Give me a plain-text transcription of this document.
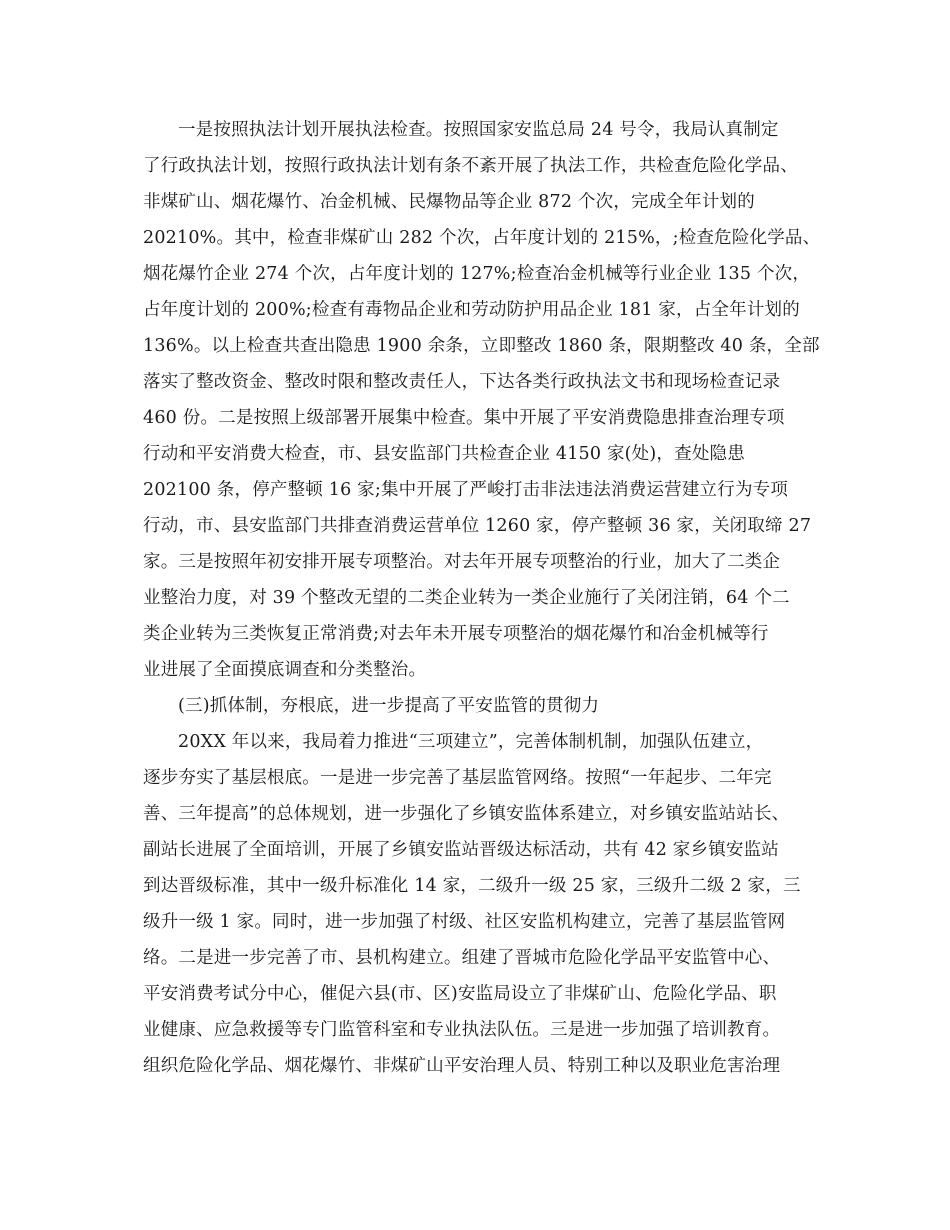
一是按照执法计划开展执法检查。按照国家安监总局 24 号令，我局认真制定
了行政执法计划，按照行政执法计划有条不紊开展了执法工作，共检查危险化学品、
非煤矿山、烟花爆竹、冶金机械、民爆物品等企业 872 个次，完成全年计划的
20210%。其中，检查非煤矿山 282 个次，占年度计划的 215%，;检查危险化学品、
烟花爆竹企业 274 个次，占年度计划的 127%;检查冶金机械等行业企业 135 个次，
占年度计划的 200%;检查有毒物品企业和劳动防护用品企业 181 家，占全年计划的
136%。以上检查共查出隐患 1900 余条，立即整改 1860 条，限期整改 40 条，全部
落实了整改资金、整改时限和整改责任人，下达各类行政执法文书和现场检查记录
460 份。二是按照上级部署开展集中检查。集中开展了平安消费隐患排查治理专项
行动和平安消费大检查，市、县安监部门共检查企业 4150 家(处)，查处隐患
202100 条，停产整顿 16 家;集中开展了严峻打击非法违法消费运营建立行为专项
行动，市、县安监部门共排查消费运营单位 1260 家，停产整顿 36 家，关闭取缔 27
家。三是按照年初安排开展专项整治。对去年开展专项整治的行业，加大了二类企
业整治力度，对 39 个整改无望的二类企业转为一类企业施行了关闭注销，64 个二
类企业转为三类恢复正常消费;对去年未开展专项整治的烟花爆竹和冶金机械等行
业进展了全面摸底调查和分类整治。
(三)抓体制，夯根底，进一步提高了平安监管的贯彻力
20XX 年以来，我局着力推进“三项建立”，完善体制机制，加强队伍建立，
逐步夯实了基层根底。一是进一步完善了基层监管网络。按照“一年起步、二年完
善、三年提高”的总体规划，进一步强化了乡镇安监体系建立，对乡镇安监站站长、
副站长进展了全面培训，开展了乡镇安监站晋级达标活动，共有 42 家乡镇安监站
到达晋级标准，其中一级升标准化 14 家，二级升一级 25 家，三级升二级 2 家，三
级升一级 1 家。同时，进一步加强了村级、社区安监机构建立，完善了基层监管网
络。二是进一步完善了市、县机构建立。组建了晋城市危险化学品平安监管中心、
平安消费考试分中心，催促六县(市、区)安监局设立了非煤矿山、危险化学品、职
业健康、应急救援等专门监管科室和专业执法队伍。三是进一步加强了培训教育。
组织危险化学品、烟花爆竹、非煤矿山平安治理人员、特别工种以及职业危害治理
